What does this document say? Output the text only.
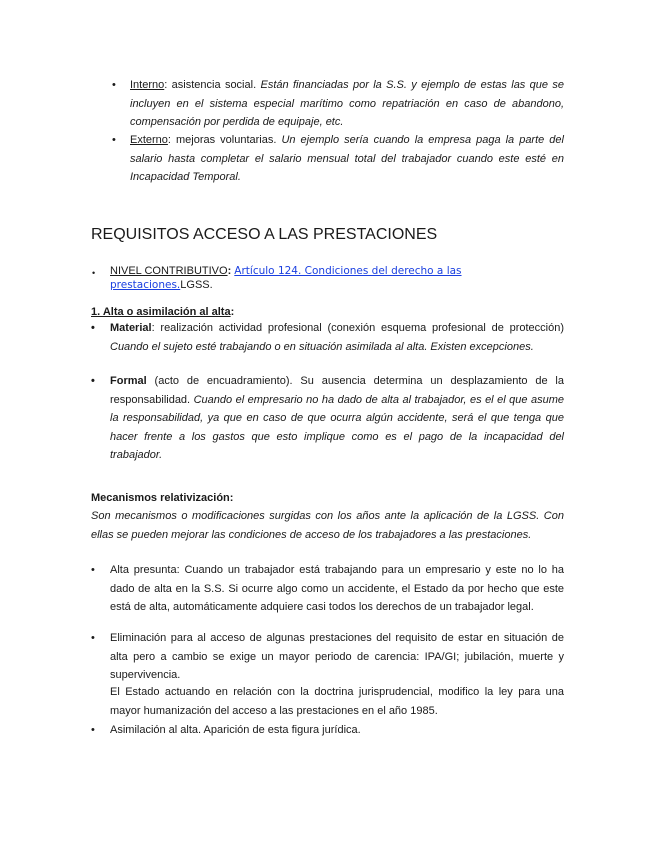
•	Interno: asistencia social. Están financiadas por la S.S. y ejemplo de estas las que se incluyen en el sistema especial marítimo como repatriación en caso de abandono, compensación por perdida de equipaje, etc.
•	Externo: mejoras voluntarias. Un ejemplo sería cuando la empresa paga la parte del salario hasta completar el salario mensual total del trabajador cuando este esté en Incapacidad Temporal.
REQUISITOS ACCESO A LAS PRESTACIONES
•	NIVEL CONTRIBUTIVO: Artículo 124. Condiciones del derecho a las prestaciones.LGSS.
1. Alta o asimilación al alta:
•	Material: realización actividad profesional (conexión esquema profesional de protección) Cuando el sujeto esté trabajando o en situación asimilada al alta. Existen excepciones.
•	Formal (acto de encuadramiento). Su ausencia determina un desplazamiento de la responsabilidad. Cuando el empresario no ha dado de alta al trabajador, es el el que asume la responsabilidad, ya que en caso de que ocurra algún accidente, será el que tenga que hacer frente a los gastos que esto implique como es el pago de la incapacidad del trabajador.
Mecanismos relativización:
Son mecanismos o modificaciones surgidas con los años ante la aplicación de la LGSS. Con ellas se pueden mejorar las condiciones de acceso de los trabajadores a las prestaciones.
•	Alta presunta: Cuando un trabajador está trabajando para un empresario y este no lo ha dado de alta en la S.S. Si ocurre algo como un accidente, el Estado da por hecho que este está de alta, automáticamente adquiere casi todos los derechos de un trabajador legal.
•	Eliminación para al acceso de algunas prestaciones del requisito de estar en situación de alta pero a cambio se exige un mayor periodo de carencia: IPA/GI; jubilación, muerte y supervivencia.
El Estado actuando en relación con la doctrina jurisprudencial, modifico la ley para una mayor humanización del acceso a las prestaciones en el año 1985.
•	Asimilación al alta. Aparición de esta figura jurídica.
